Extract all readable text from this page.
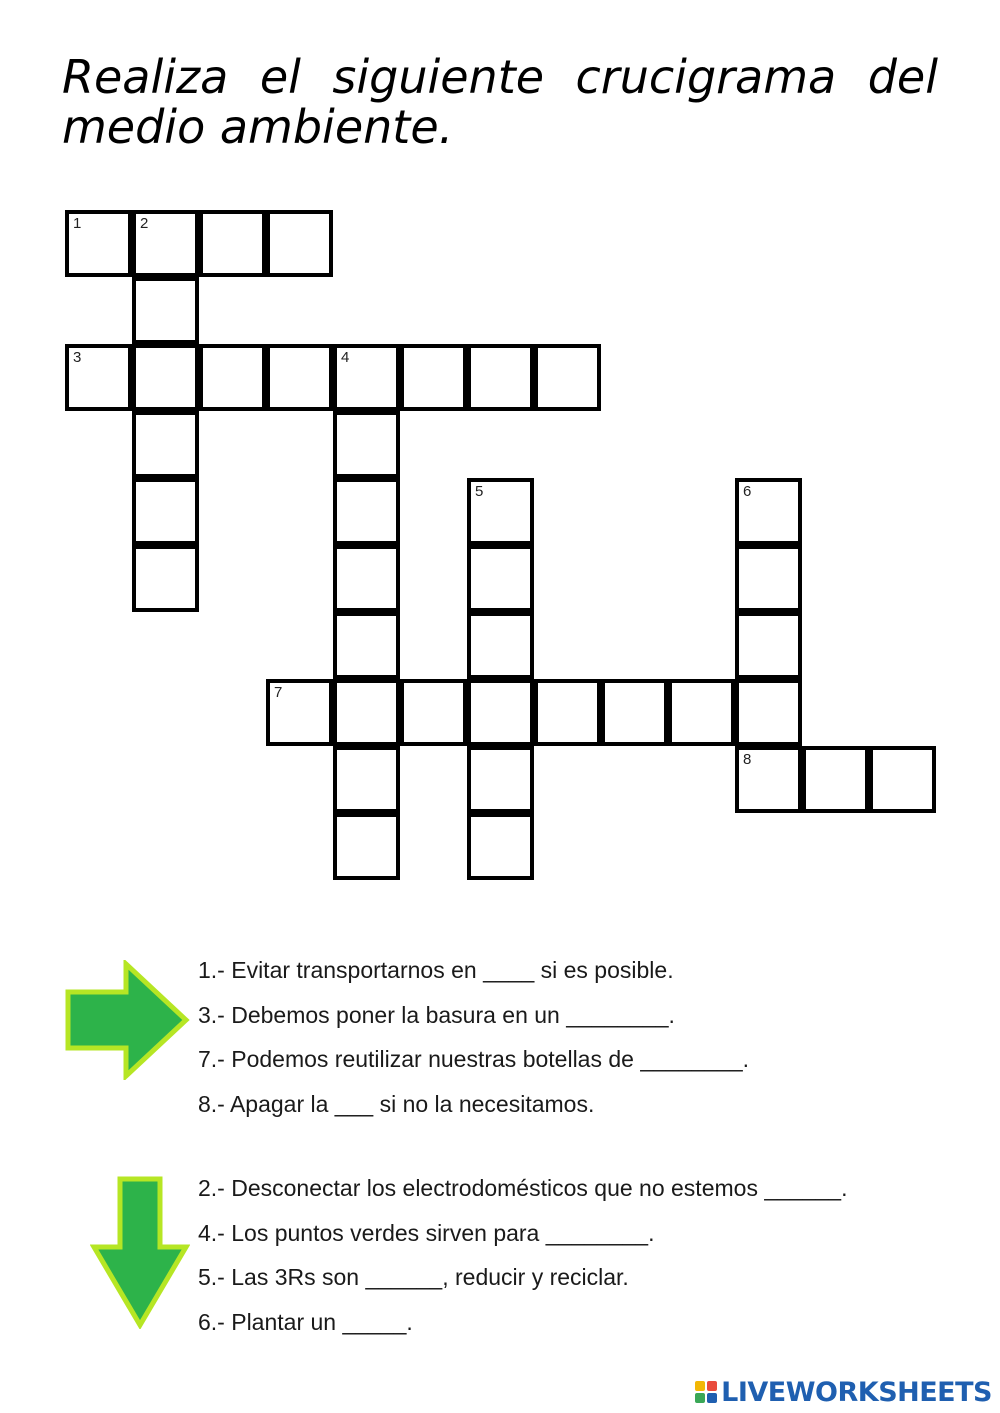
Realiza el siguiente crucigrama del
medio ambiente.
1	2
3	4
5	6
7
8
1.- Evitar transportarnos en ____ si es posible.
3.- Debemos poner la basura en un ________.
7.- Podemos reutilizar nuestras botellas de ________.
8.- Apagar la ___ si no la necesitamos.
2.- Desconectar los electrodomésticos que no estemos ______.
4.- Los puntos verdes sirven para ________.
5.- Las 3Rs son ______, reducir y reciclar.
6.- Plantar un _____.
LIVEWORKSHEETS
